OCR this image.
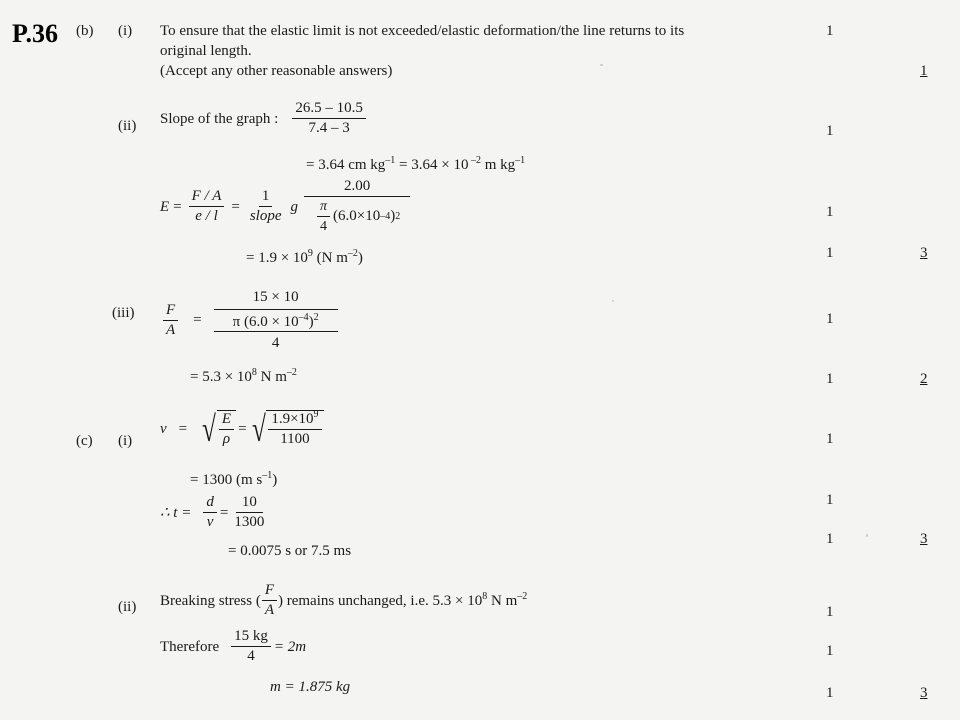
P.36 (b) (i) To ensure that the elastic limit is not exceeded/elastic deformation/the line returns to its
original length.
(Accept any other reasonable answers)
1
1
(ii) Slope of the graph : $\frac{26.5 - 10.5}{7.4 - 3}$	1
= 3.64 cm $kg^{-1} = 3.64 \times 10$ $^{-2}$ m $kg^{-1}$
$E = \frac{F / A}{e / l} = \frac{1}{\text{slope}}$ g $\frac{2.00}{\frac{\pi}{4} (6.0\times 10 -4 ) 2}$	1
= $1.9 \times 10^9$ (N $m^{-2}$)	1	3
$(iii) \frac{F}{A}$ =
15 × 10
π $(6.0 \times 10^{-4})^2$
4
1
= $5.3 \times 10^8$ N $m^{-2}$	1	2
(c) (i)
v = √ $\frac{E}{\rho}$ = √ $\frac{1.9\times 10^9}{1100}$	1
= 1300 (m $s^{-1}$)
1
∴ $t = \frac{d}{v} = \frac{10}{1300}$
= 0.0075 s or 7.5 ms
1	3
(ii) Breaking stress ( $\frac{F}{A}$ ) remains unchanged, i.e. $5.3 \times 10^8$ N $m^{-2}$
1
Therefore $\frac{15 kg}{4} = 2m$	1
m = 1.875 kg	1	3
